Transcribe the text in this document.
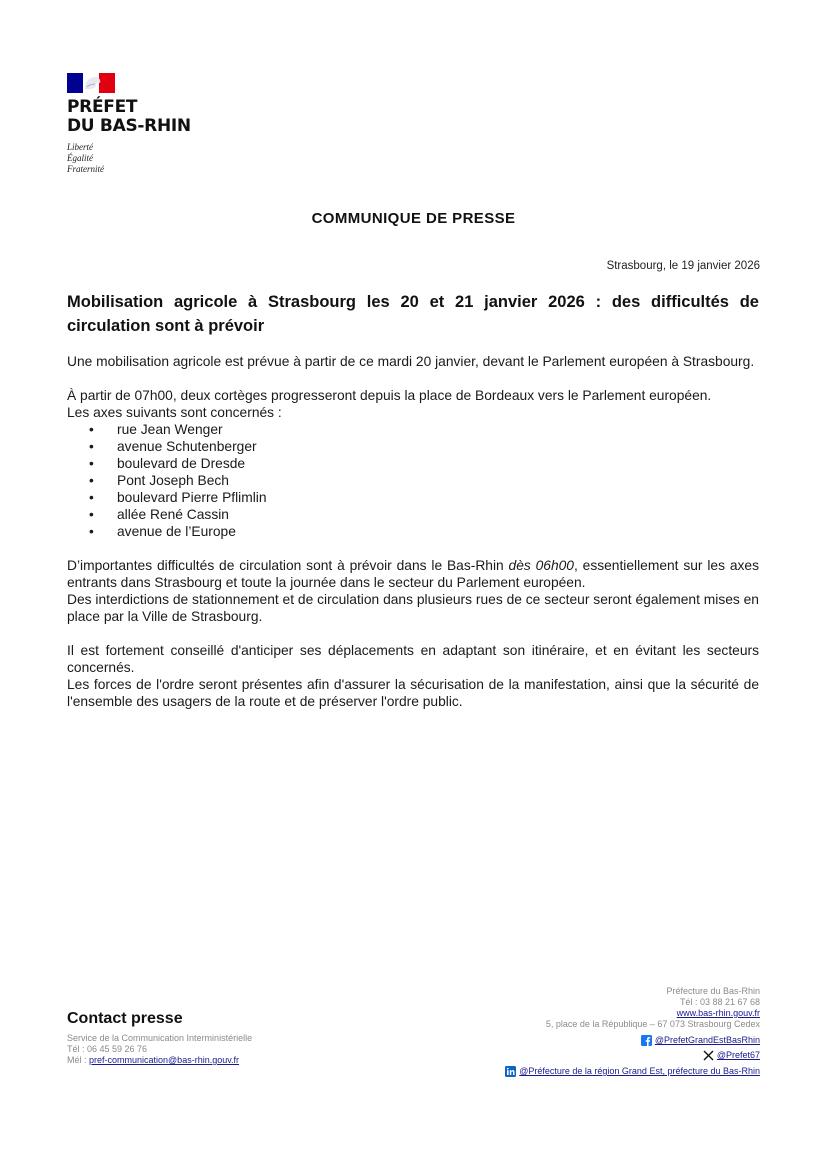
PRÉFET
DU BAS-RHIN
Liberté
Égalité
Fraternité
COMMUNIQUE DE PRESSE
Strasbourg, le 19 janvier 2026
Mobilisation agricole à Strasbourg les 20 et 21 janvier 2026 : des difficultés de circulation sont à prévoir

Une mobilisation agricole est prévue à partir de ce mardi 20 janvier, devant le Parlement européen à Strasbourg.

À partir de 07h00, deux cortèges progresseront depuis la place de Bordeaux vers le Parlement européen.

Les axes suivants sont concernés :

• rue Jean Wenger
• avenue Schutenberger
• boulevard de Dresde
• Pont Joseph Bech
• boulevard Pierre Pflimlin
• allée René Cassin
• avenue de l’Europe

D’importantes difficultés de circulation sont à prévoir dans le Bas-Rhin dès 06h00, essentiellement sur les axes entrants dans Strasbourg et toute la journée dans le secteur du Parlement européen.

Des interdictions de stationnement et de circulation dans plusieurs rues de ce secteur seront également mises en place par la Ville de Strasbourg.

Il est fortement conseillé d'anticiper ses déplacements en adaptant son itinéraire, et en évitant les secteurs concernés.

Les forces de l'ordre seront présentes afin d'assurer la sécurisation de la manifestation, ainsi que la sécurité de l'ensemble des usagers de la route et de préserver l'ordre public.

Contact presse
Service de la Communication Interministérielle
Tél : 06 45 59 26 76
Mél : pref-communication@bas-rhin.gouv.fr
Préfecture du Bas-Rhin
Tél : 03 88 21 67 68
www.bas-rhin.gouv.fr
5, place de la République – 67 073 Strasbourg Cedex
@PrefetGrandEstBasRhin
@Prefet67
@Préfecture de la région Grand Est, préfecture du Bas-Rhin
